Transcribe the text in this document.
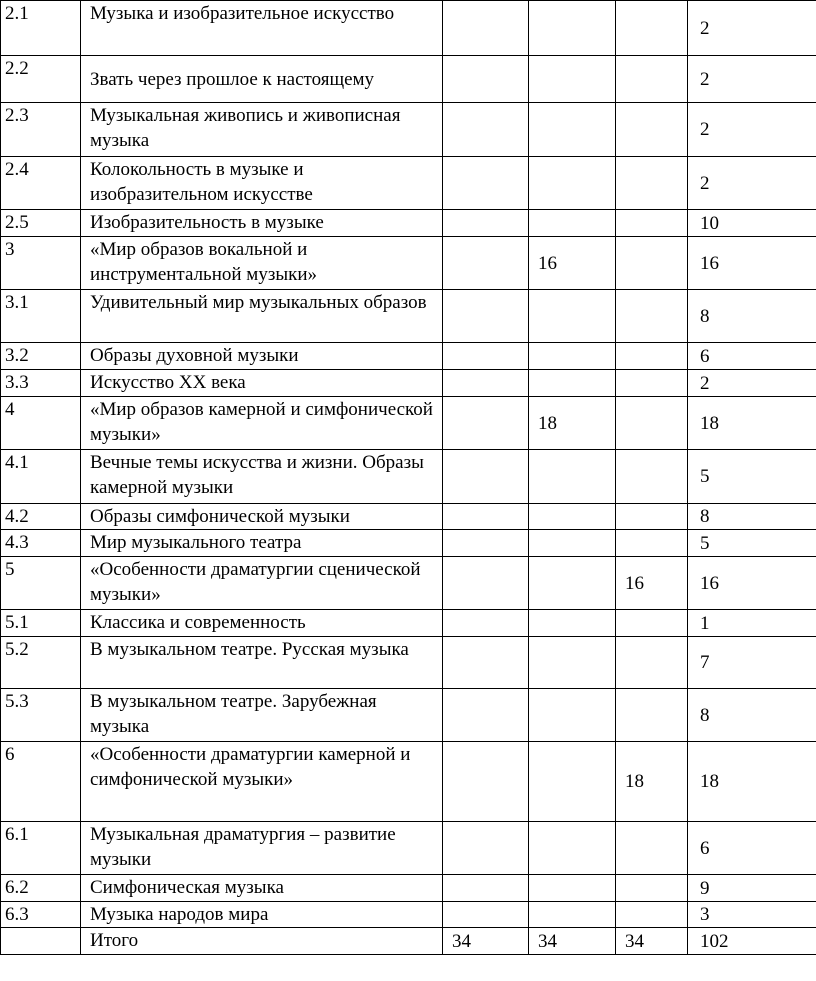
2.1	Музыка и изобразительное искусство				2
2.2	Звать через прошлое к настоящему				2
2.3	Музыкальная живопись и живописная музыка				2
2.4	Колокольность в музыке и изобразительном искусстве				2
2.5	Изобразительность в музыке				10
3	«Мир образов вокальной и инструментальной музыки»		16		16
3.1	Удивительный мир музыкальных образов				8
3.2	Образы духовной музыки				6
3.3	Искусство XX века				2
4	«Мир образов камерной и симфонической музыки»		18		18
4.1	Вечные темы искусства и жизни. Образы камерной музыки				5
4.2	Образы симфонической музыки				8
4.3	Мир музыкального театра				5
5	«Особенности драматургии сценической музыки»			16	16
5.1	Классика и современность				1
5.2	В музыкальном театре. Русская музыка				7
5.3	В музыкальном театре. Зарубежная музыка				8
6	«Особенности драматургии камерной и симфонической музыки»			18	18
6.1	Музыкальная драматургия – развитие музыки				6
6.2	Симфоническая музыка				9
6.3	Музыка народов мира				3
	Итого	34	34	34	102
